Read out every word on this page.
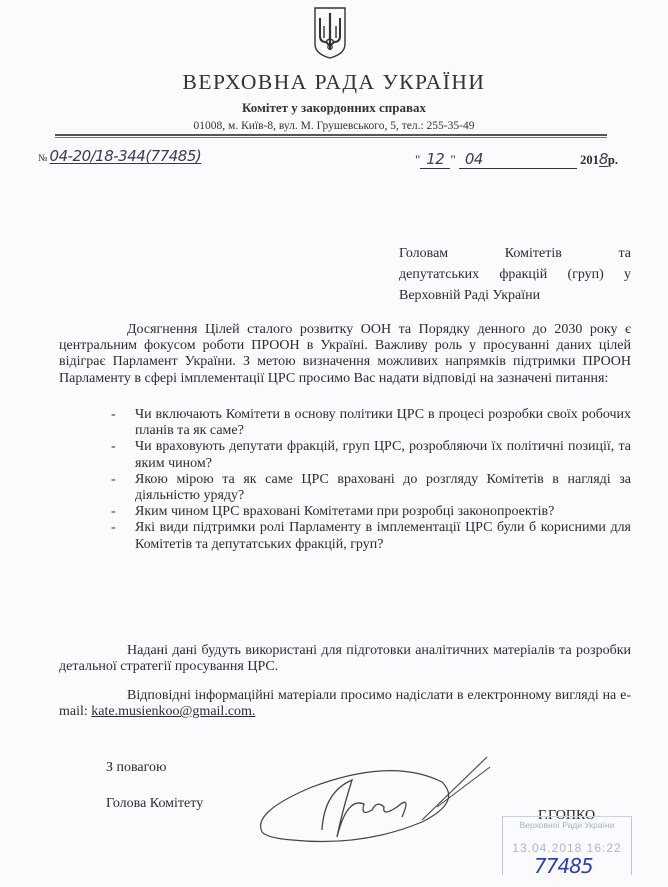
ВЕРХОВНА РАДА УКРАЇНИ
Комітет у закордонних справах
01008, м. Київ-8, вул. М. Грушевського, 5, тел.: 255-35-49
№ 04-20/18-344(77485)	" 12 "
04
	201 8 р.
Головам Комітетів та
депутатських фракцій (груп) у
Верховній Раді України

Досягнення Цілей сталого розвитку ООН та Порядку денного до 2030 року є центральним фокусом роботи ПРООН в Україні. Важливу роль у просуванні даних цілей відіграє Парламент України. З метою визначення можливих напрямків підтримки ПРООН Парламенту в сфері імплементації ЦРС просимо Вас надати відповіді на зазначені питання:

- Чи включають Комітети в основу політики ЦРС в процесі розробки своїх робочих планів та як саме?
- Чи враховують депутати фракцій, груп ЦРС, розробляючи їх політичні позиції, та яким чином?
- Якою мірою та як саме ЦРС враховані до розгляду Комітетів в нагляді за діяльністю уряду?
- Яким чином ЦРС враховані Комітетами при розробці законопроектів?
- Які види підтримки ролі Парламенту в імплементації ЦРС були б корисними для Комітетів та депутатських фракцій, груп?

Надані дані будуть використані для підготовки аналітичних матеріалів та розробки детальної стратегії просування ЦРС.

Відповідні інформаційні матеріали просимо надіслати в електронному вигляді на e-mail: kate.musienkoo@gmail.com.

З повагою
Голова Комітету
Г.ГОПКО
Верховної Ради України
13.04.2018 16:22
77485
